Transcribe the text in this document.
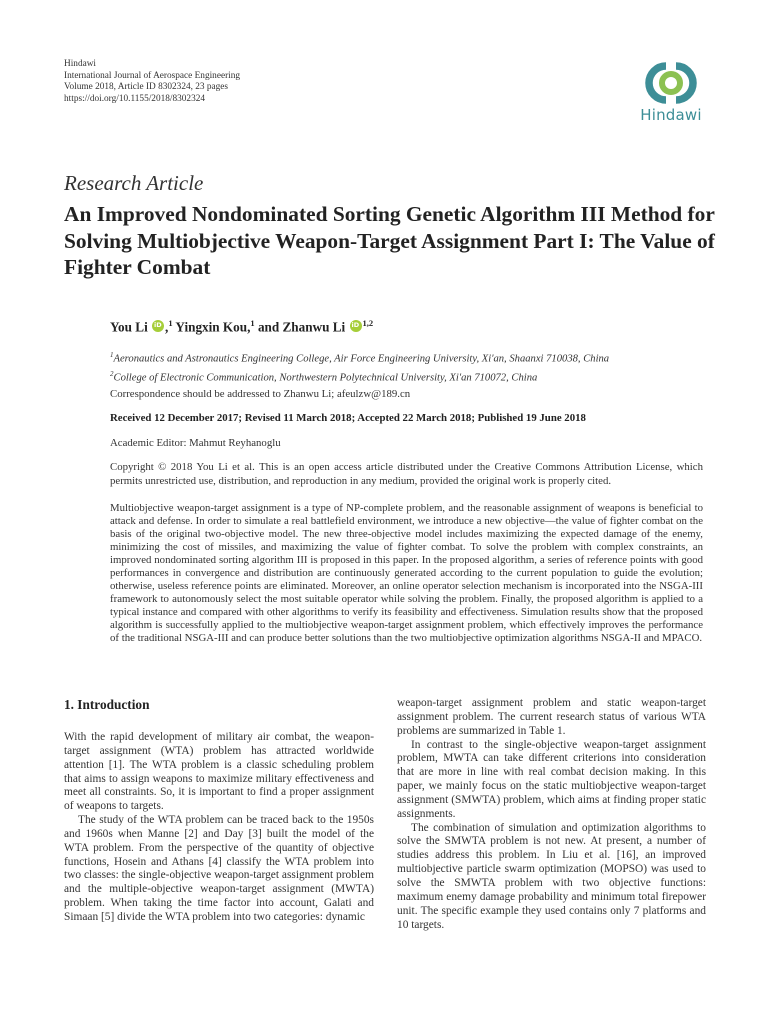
Hindawi
International Journal of Aerospace Engineering
Volume 2018, Article ID 8302324, 23 pages
https://doi.org/10.1155/2018/8302324
Hindawi
Research Article
An Improved Nondominated Sorting Genetic Algorithm III Method for Solving Multiobjective Weapon-Target Assignment Part I: The Value of Fighter Combat
You Li iD ,$^1$ Yingxin Kou,$^1$ and Zhanwu Li iD $^{1,2}$
$^1$Aeronautics and Astronautics Engineering College, Air Force Engineering University, Xi'an, Shaanxi 710038, China
$^2$College of Electronic Communication, Northwestern Polytechnical University, Xi'an 710072, China
Correspondence should be addressed to Zhanwu Li; afeulzw@189.cn
Received 12 December 2017; Revised 11 March 2018; Accepted 22 March 2018; Published 19 June 2018
Academic Editor: Mahmut Reyhanoglu
Copyright © 2018 You Li et al. This is an open access article distributed under the Creative Commons Attribution License, which permits unrestricted use, distribution, and reproduction in any medium, provided the original work is properly cited.
Multiobjective weapon-target assignment is a type of NP-complete problem, and the reasonable assignment of weapons is beneficial to attack and defense. In order to simulate a real battlefield environment, we introduce a new objective—the value of fighter combat on the basis of the original two-objective model. The new three-objective model includes maximizing the expected damage of the enemy, minimizing the cost of missiles, and maximizing the value of fighter combat. To solve the problem with complex constraints, an improved nondominated sorting algorithm III is proposed in this paper. In the proposed algorithm, a series of reference points with good performances in convergence and distribution are continuously generated according to the current population to guide the evolution; otherwise, useless reference points are eliminated. Moreover, an online operator selection mechanism is incorporated into the NSGA-III framework to autonomously select the most suitable operator while solving the problem. Finally, the proposed algorithm is applied to a typical instance and compared with other algorithms to verify its feasibility and effectiveness. Simulation results show that the proposed algorithm is successfully applied to the multiobjective weapon-target assignment problem, which effectively improves the performance of the traditional NSGA-III and can produce better solutions than the two multiobjective optimization algorithms NSGA-II and MPACO.
1. Introduction

With the rapid development of military air combat, the weapon-target assignment (WTA) problem has attracted worldwide attention [1]. The WTA problem is a classic scheduling problem that aims to assign weapons to maximize military effectiveness and meet all constraints. So, it is important to find a proper assignment of weapons to targets.

The study of the WTA problem can be traced back to the 1950s and 1960s when Manne [2] and Day [3] built the model of the WTA problem. From the perspective of the quantity of objective functions, Hosein and Athans [4] classify the WTA problem into two classes: the single-objective weapon-target assignment problem and the multiple-objective weapon-target assignment (MWTA) problem. When taking the time factor into account, Galati and Simaan [5] divide the WTA problem into two categories: dynamic

weapon-target assignment problem and static weapon-target assignment problem. The current research status of various WTA problems are summarized in Table 1.

In contrast to the single-objective weapon-target assignment problem, MWTA can take different criterions into consideration that are more in line with real combat decision making. In this paper, we mainly focus on the static multiobjective weapon-target assignment (SMWTA) problem, which aims at finding proper static assignments.

The combination of simulation and optimization algorithms to solve the SMWTA problem is not new. At present, a number of studies address this problem. In Liu et al. [16], an improved multiobjective particle swarm optimization (MOPSO) was used to solve the SMWTA problem with two objective functions: maximum enemy damage probability and minimum total firepower unit. The specific example they used contains only 7 platforms and 10 targets.
